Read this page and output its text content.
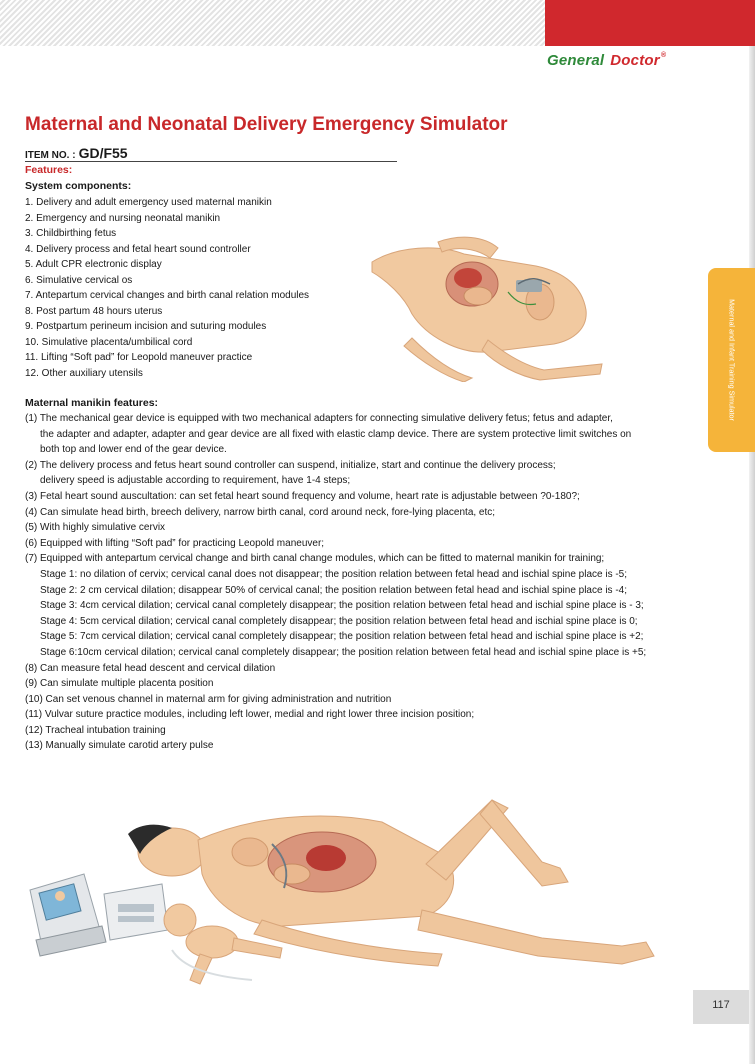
General Doctor®
Maternal and Neonatal Delivery Emergency Simulator
ITEM NO. : GD/F55
Features:
System components:
1. Delivery and adult emergency used maternal manikin
2. Emergency and nursing neonatal manikin
3. Childbirthing fetus
4. Delivery process and fetal heart sound controller
5. Adult CPR electronic display
6. Simulative cervical os
7. Antepartum cervical changes and birth canal relation modules
8. Post partum 48 hours uterus
9. Postpartum perineum incision and suturing modules
10. Simulative placenta/umbilical cord
11. Lifting “Soft pad” for Leopold maneuver practice
12. Other auxiliary utensils	Maternal and Infant Training Simulator
Maternal manikin features:
(1) The mechanical gear device is equipped with two mechanical adapters for connecting simulative delivery fetus; fetus and adapter,
the adapter and adapter, adapter and gear device are all fixed with elastic clamp device. There are system protective limit switches on
both top and lower end of the gear device.
(2) The delivery process and fetus heart sound controller can suspend, initialize, start and continue the delivery process;
delivery speed is adjustable according to requirement, have 1-4 steps;
(3) Fetal heart sound auscultation: can set fetal heart sound frequency and volume, heart rate is adjustable between ?0-180?;
(4) Can simulate head birth, breech delivery, narrow birth canal, cord around neck, fore-lying placenta, etc;
(5) With highly simulative cervix
(6) Equipped with lifting “Soft pad” for practicing Leopold maneuver;
(7) Equipped with antepartum cervical change and birth canal change modules, which can be fitted to maternal manikin for training;
Stage 1: no dilation of cervix; cervical canal does not disappear; the position relation between fetal head and ischial spine place is -5;
Stage 2: 2 cm cervical dilation; disappear 50% of cervical canal; the position relation between fetal head and ischial spine place is -4;
Stage 3: 4cm cervical dilation; cervical canal completely disappear; the position relation between fetal head and ischial spine place is - 3;
Stage 4: 5cm cervical dilation; cervical canal completely disappear; the position relation between fetal head and ischial spine place is 0;
Stage 5: 7cm cervical dilation; cervical canal completely disappear; the position relation between fetal head and ischial spine place is +2;
Stage 6:10cm cervical dilation; cervical canal completely disappear; the position relation between fetal head and ischial spine place is +5;
(8) Can measure fetal head descent and cervical dilation
(9) Can simulate multiple placenta position
(10) Can set venous channel in maternal arm for giving administration and nutrition
(11) Vulvar suture practice modules, including left lower, medial and right lower three incision position;
(12) Tracheal intubation training
(13) Manually simulate carotid artery pulse
117
